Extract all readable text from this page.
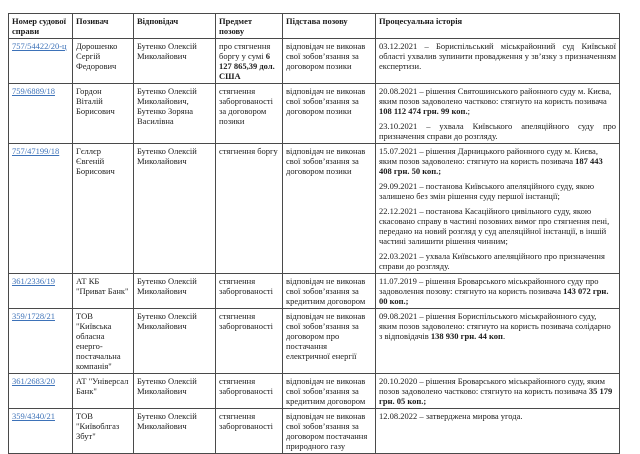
Номер судової справи	Позивач	Відповідач	Предмет позову	Підстава позову	Процесуальна історія
757/54422/20-ц	Дорошенко Сергій Федорович	Бутенко Олексій Миколайович	про стягнення боргу у сумі 6 127 865,39 дол. США	відповідач не виконав свої зобов’язання за договором позики	03.12.2021 – Бориспільський міськрайонний суд Київської області ухвалив зупинити провадження у зв’язку з призначенням експертизи.

759/6889/18	Гордон Віталій Борисович	Бутенко Олексій Миколайович, Бутенко Зоряна Василівна	стягнення заборгованості за договором позики	відповідач не виконав свої зобов’язання за договором позики	20.08.2021 – рішення Святошинського районного суду м. Києва, яким позов задоволено частково: стягнуто на користь позивача 108 112 474 грн. 99 коп.;

23.10.2021 – ухвала Київського апеляційного суду про призначення справи до розгляду.

757/47199/18	Гєллєр Євгеній Борисович	Бутенко Олексій Миколайович	стягнення боргу	відповідач не виконав свої зобов’язання за договором позики	15.07.2021 – рішення Дарницького районного суду м. Києва, яким позов задоволено: стягнуто на користь позивача 187 443 408 грн. 50 коп.;

29.09.2021 – постанова Київського апеляційного суду, якою залишено без змін рішення суду першої інстанції;

22.12.2021 – постанова Касаційного цивільного суду, якою скасовано справу в частині позовних вимог про стягнення пені, передано на новий розгляд у суд апеляційної інстанції, в іншій частині залишити рішення чинним;

22.03.2021 – ухвала Київського апеляційного про призначення справи до розгляду.

361/2336/19	АТ КБ "Приват Банк"	Бутенко Олексій Миколайович	стягнення заборгованості	відповідач не виконав свої зобов’язання за кредитним договором	11.07.2019 – рішення Броварського міськрайонного суду про задоволення позову: стягнуто на користь позивача 143 072 грн. 00 коп.;

359/1728/21	ТОВ "Київська обласна енерго-постачальна компанія"	Бутенко Олексій Миколайович	стягнення заборгованості	відповідач не виконав свої зобов’язання за договором про постачання електричної енергії	09.08.2021 – рішення Бориспільського міськрайонного суду, яким позов задоволено: стягнуто на користь позивача солідарно з відповідачів 138 930 грн. 44 коп.

361/2683/20	АТ "Універсал Банк"	Бутенко Олексій Миколайович	стягнення заборгованості	відповідач не виконав свої зобов’язання за кредитним договором	20.10.2020 – рішення Броварського міськрайонного суду, яким позов задоволено частково: стягнуто на користь позивача 35 179 грн. 05 коп.;

359/4340/21	ТОВ "Київоблгаз Збут"	Бутенко Олексій Миколайович	стягнення заборгованості	відповідач не виконав свої зобов’язання за договором постачання природного газу	12.08.2022 – затверджена мирова угода.
